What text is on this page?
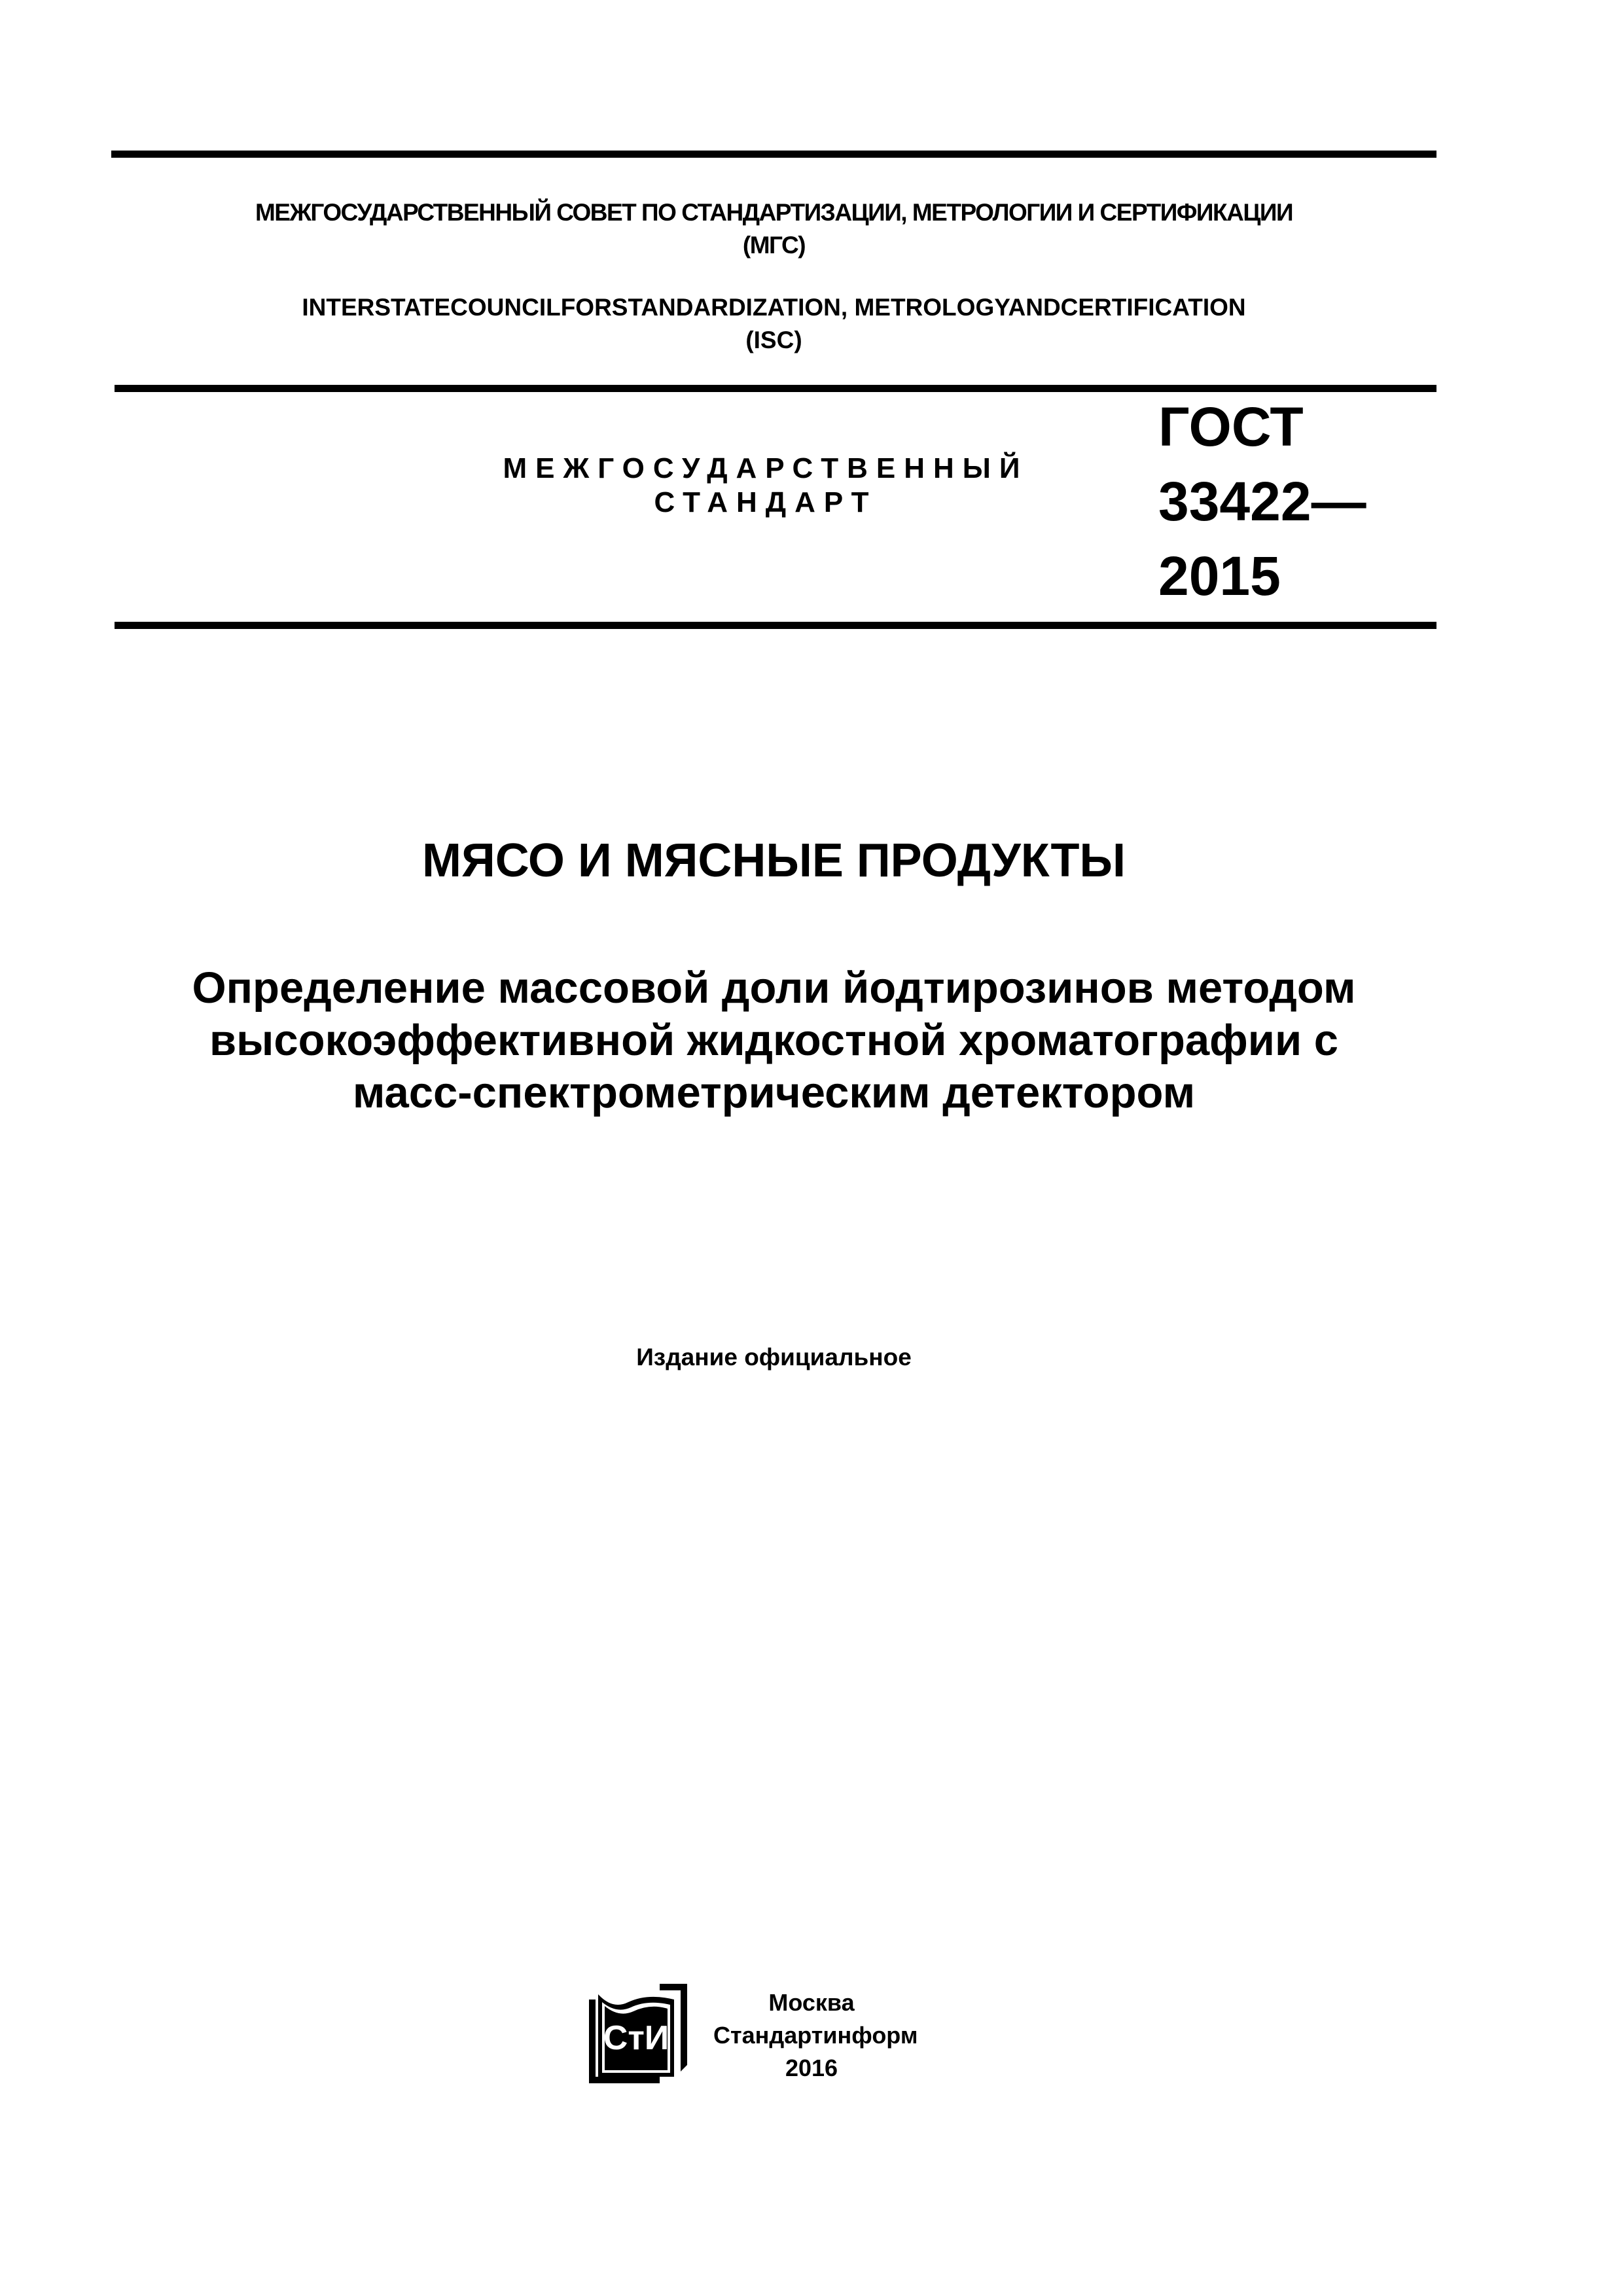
МЕЖГОСУДАРСТВЕННЫЙ СОВЕТ ПО СТАНДАРТИЗАЦИИ, МЕТРОЛОГИИ И СЕРТИФИКАЦИИ
(МГС)
INTERSTATECOUNCILFORSTANDARDIZATION, METROLOGYANDCERTIFICATION
(ISC)
МЕЖГОСУДАРСТВЕННЫЙ
СТАНДАРТ
ГОСТ
33422—
2015
МЯСО И МЯСНЫЕ ПРОДУКТЫ
Определение массовой доли йодтирозинов методом
высокоэффективной жидкостной хроматографии с
масс-спектрометрическим детектором
Издание официальное
СтИ
Москва
Стандартинформ
2016
